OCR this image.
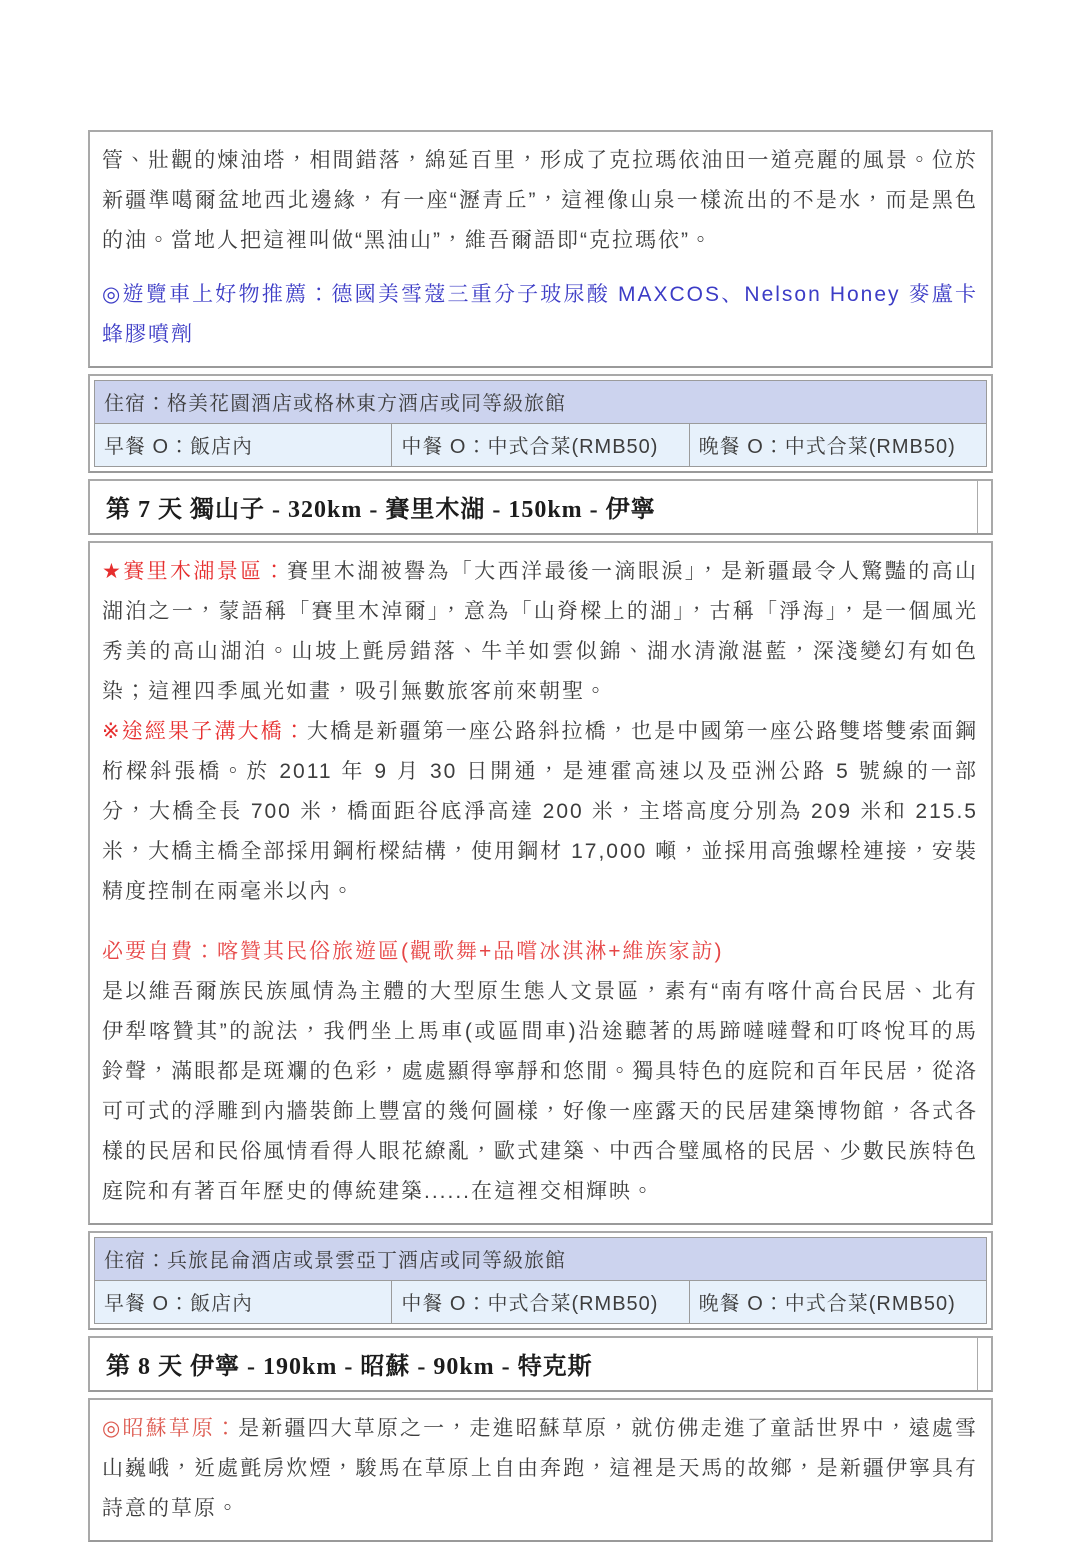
管、壯觀的煉油塔，相間錯落，綿延百里，形成了克拉瑪依油田一道亮麗的風景。位於新疆準噶爾盆地西北邊緣，有一座“瀝青丘”，這裡像山泉一樣流出的不是水，而是黑色的油。當地人把這裡叫做“黑油山”，維吾爾語即“克拉瑪依”。

◎遊覽車上好物推薦：德國美雪蔻三重分子玻尿酸 MAXCOS、Nelson Honey 麥盧卡蜂膠噴劑

住宿：格美花園酒店或格林東方酒店或同等級旅館
早餐 O：飯店內	中餐 O：中式合菜(RMB50)	晚餐 O：中式合菜(RMB50)
第 7 天 獨山子 - 320km - 賽里木湖 - 150km - 伊寧

★賽里木湖景區：賽里木湖被譽為「大西洋最後一滴眼淚」，是新疆最令人驚豔的高山湖泊之一，蒙語稱「賽里木淖爾」，意為「山脊樑上的湖」，古稱「淨海」，是一個風光秀美的高山湖泊。山坡上氈房錯落、牛羊如雲似錦、湖水清澈湛藍，深淺變幻有如色染；這裡四季風光如畫，吸引無數旅客前來朝聖。

※途經果子溝大橋：大橋是新疆第一座公路斜拉橋，也是中國第一座公路雙塔雙索面鋼桁樑斜張橋。於 2011 年 9 月 30 日開通，是連霍高速以及亞洲公路 5 號線的一部分，大橋全長 700 米，橋面距谷底淨高達 200 米，主塔高度分別為 209 米和 215.5 米，大橋主橋全部採用鋼桁樑結構，使用鋼材 17,000 噸，並採用高強螺栓連接，安裝精度控制在兩毫米以內。

必要自費：喀贊其民俗旅遊區(觀歌舞+品嚐冰淇淋+維族家訪)

是以維吾爾族民族風情為主體的大型原生態人文景區，素有“南有喀什高台民居、北有伊犁喀贊其”的說法，我們坐上馬車(或區間車)沿途聽著的馬蹄噠噠聲和叮咚悅耳的馬鈴聲，滿眼都是斑斕的色彩，處處顯得寧靜和悠閒。獨具特色的庭院和百年民居，從洛可可式的浮雕到內牆裝飾上豐富的幾何圖樣，好像一座露天的民居建築博物館，各式各樣的民居和民俗風情看得人眼花繚亂，歐式建築、中西合璧風格的民居、少數民族特色庭院和有著百年歷史的傳統建築......在這裡交相輝映。

住宿：兵旅昆侖酒店或景雲亞丁酒店或同等級旅館
早餐 O：飯店內	中餐 O：中式合菜(RMB50)	晚餐 O：中式合菜(RMB50)
第 8 天 伊寧 - 190km - 昭蘇 - 90km - 特克斯

◎昭蘇草原：是新疆四大草原之一，走進昭蘇草原，就仿佛走進了童話世界中，遠處雪山巍峨，近處氈房炊煙，駿馬在草原上自由奔跑，這裡是天馬的故鄉，是新疆伊寧具有詩意的草原。
